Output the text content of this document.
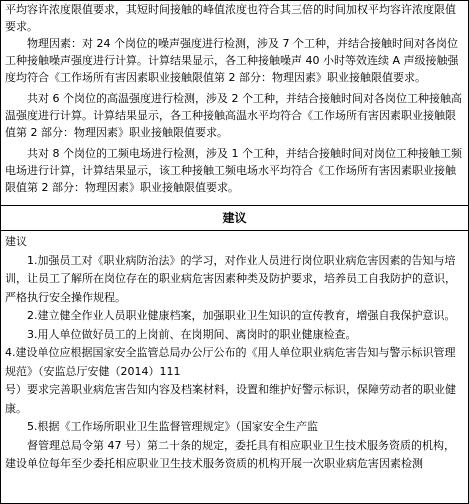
平均容许浓度限值要求，其短时间接触的峰值浓度也符合其三倍的时间加权平均容许浓度限值要求。

物理因素：对 24 个岗位的噪声强度进行检测，涉及 7 个工种，并结合接触时间对各岗位工种接触噪声强度进行计算。计算结果显示，各工种接触噪声 40 小时等效连续 A 声级接触强度均符合《工作场所有害因素职业接触限值第 2 部分：物理因素》职业接触限值要求。

共对 6 个岗位的高温强度进行检测，涉及 2 个工种，并结合接触时间对各岗位工种接触高温强度进行计算。计算结果显示，各工种接触高温水平均符合《工作场所有害因素职业接触限值第 2 部分：物理因素》职业接触限值要求。

共对 8 个岗位的工频电场进行检测，涉及 1 个工种，并结合接触时间对岗位工种接触工频电场进行计算，计算结果显示，该工种接触工频电场水平均符合《工作场所有害因素职业接触限值第 2 部分：物理因素》职业接触限值要求。

建议

建议

1.加强员工对《职业病防治法》的学习，对作业人员进行岗位职业病危害因素的告知与培训，让员工了解所在岗位存在的职业病危害因素种类及防护要求，培养员工自我防护的意识，严格执行安全操作规程。

2.建立健全作业人员职业健康档案，加强职业卫生知识的宣传教育，增强自我保护意识。

3.用人单位做好员工的上岗前、在岗期间、离岗时的职业健康检查。

4.建设单位应根据国家安全监管总局办公厅公布的《用人单位职业病危害告知与警示标识管理规范》（安监总厅安健（2014）111

号）要求完善职业病危害告知内容及档案材料，设置和维护好警示标识，保障劳动者的职业健康。

5.根据《工作场所职业卫生监督管理规定》（国家安全生产监

督管理总局令第 47 号）第二十条的规定，委托具有相应职业卫生技术服务资质的机构，建设单位每年至少委托相应职业卫生技术服务资质的机构开展一次职业病危害因素检测
